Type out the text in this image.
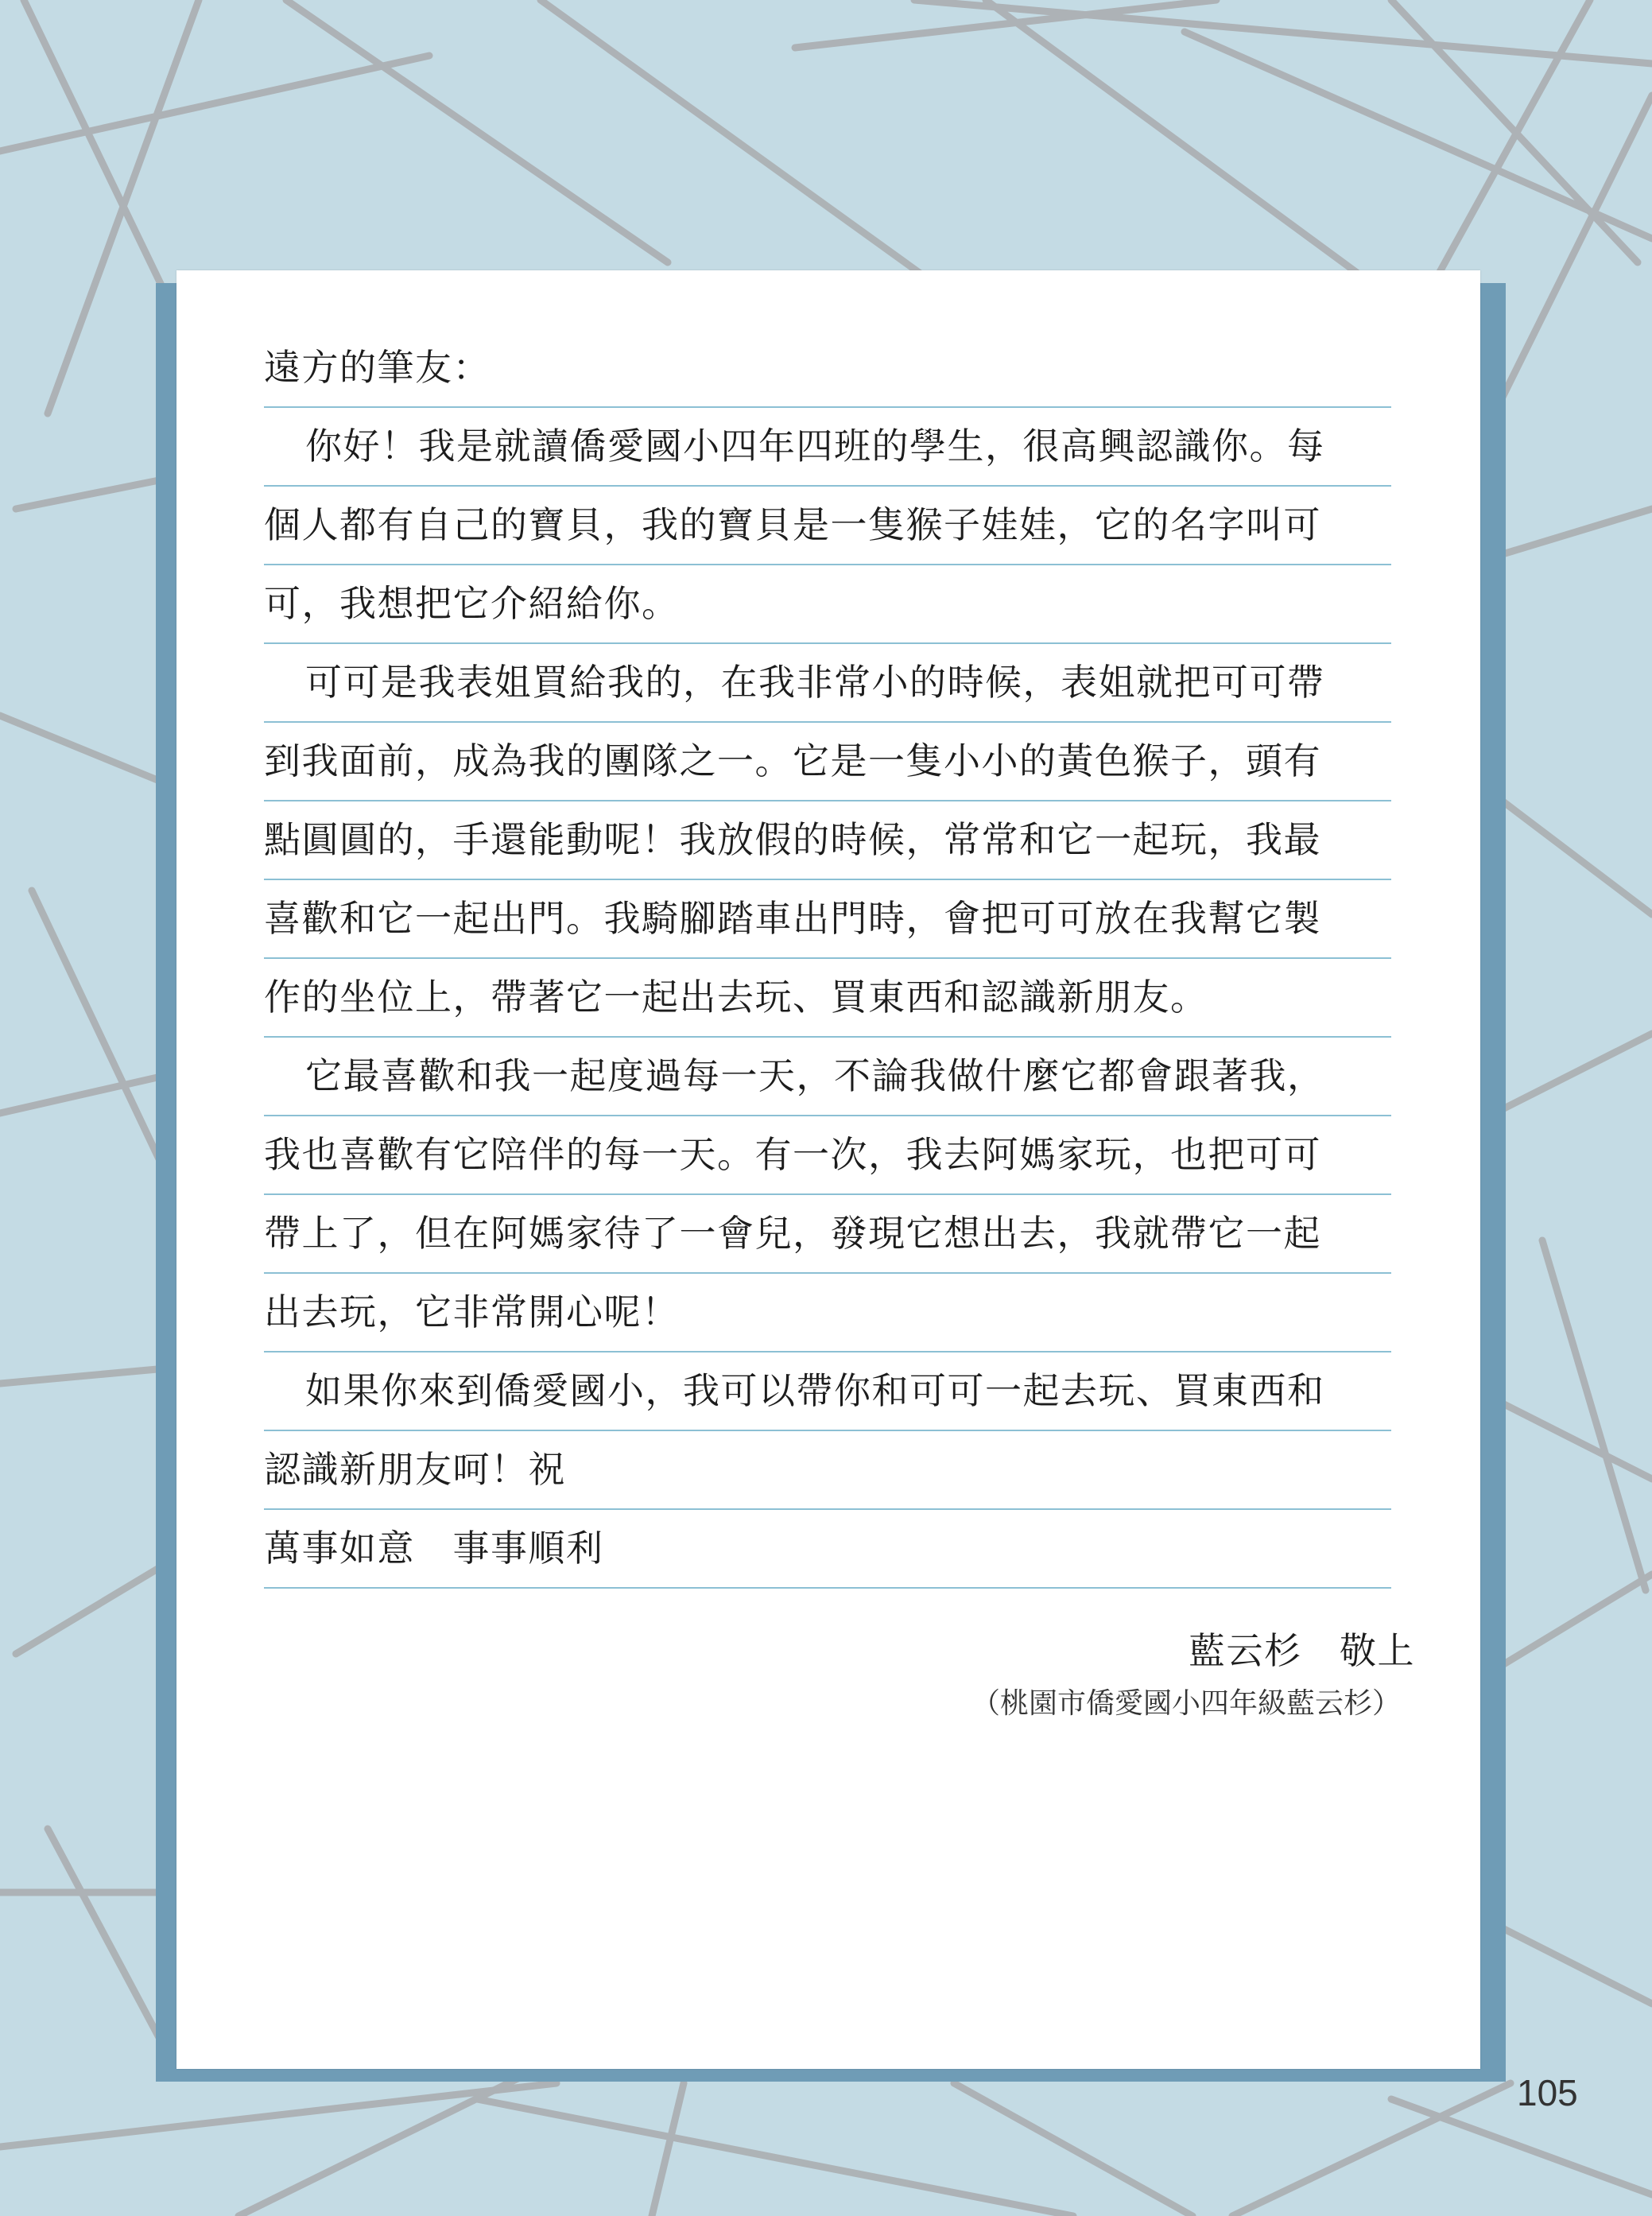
遠方的筆友：
你好！我是就讀僑愛國小四年四班的學生，很高興認識你。每
個人都有自己的寶貝，我的寶貝是一隻猴子娃娃，它的名字叫可
可，我想把它介紹給你。
可可是我表姐買給我的，在我非常小的時候，表姐就把可可帶
到我面前，成為我的團隊之一。它是一隻小小的黃色猴子，頭有
點圓圓的，手還能動呢！我放假的時候，常常和它一起玩，我最
喜歡和它一起出門。我騎腳踏車出門時，會把可可放在我幫它製
作的坐位上，帶著它一起出去玩、買東西和認識新朋友。
它最喜歡和我一起度過每一天，不論我做什麼它都會跟著我，
我也喜歡有它陪伴的每一天。有一次，我去阿媽家玩，也把可可
帶上了，但在阿媽家待了一會兒，發現它想出去，我就帶它一起
出去玩，它非常開心呢！
如果你來到僑愛國小，我可以帶你和可可一起去玩、買東西和
認識新朋友呵！祝
萬事如意　事事順利
藍云杉　敬上
（桃園市僑愛國小四年級藍云杉）
105
